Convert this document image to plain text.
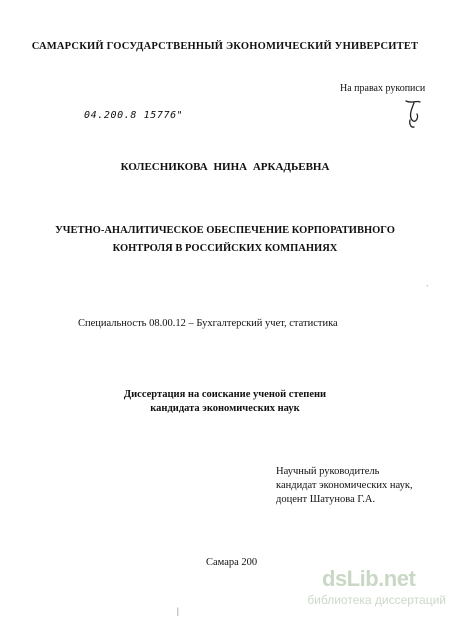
САМАРСКИЙ ГОСУДАРСТВЕННЫЙ ЭКОНОМИЧЕСКИЙ УНИВЕРСИТЕТ
На правах рукописи
04.200.8 15776"
КОЛЕСНИКОВА НИНА АРКАДЬЕВНА
УЧЕТНО-АНАЛИТИЧЕСКОЕ ОБЕСПЕЧЕНИЕ КОРПОРАТИВНОГО
КОНТРОЛЯ В РОССИЙСКИХ КОМПАНИЯХ
`
Специальность 08.00.12 – Бухгалтерский учет, статистика
Диссертация на соискание ученой степени
кандидата экономических наук
Научный руководитель
кандидат экономических наук,
доцент Шатунова Г.А.
Самара 200
|
dsLib.net
библиотека диссертаций
